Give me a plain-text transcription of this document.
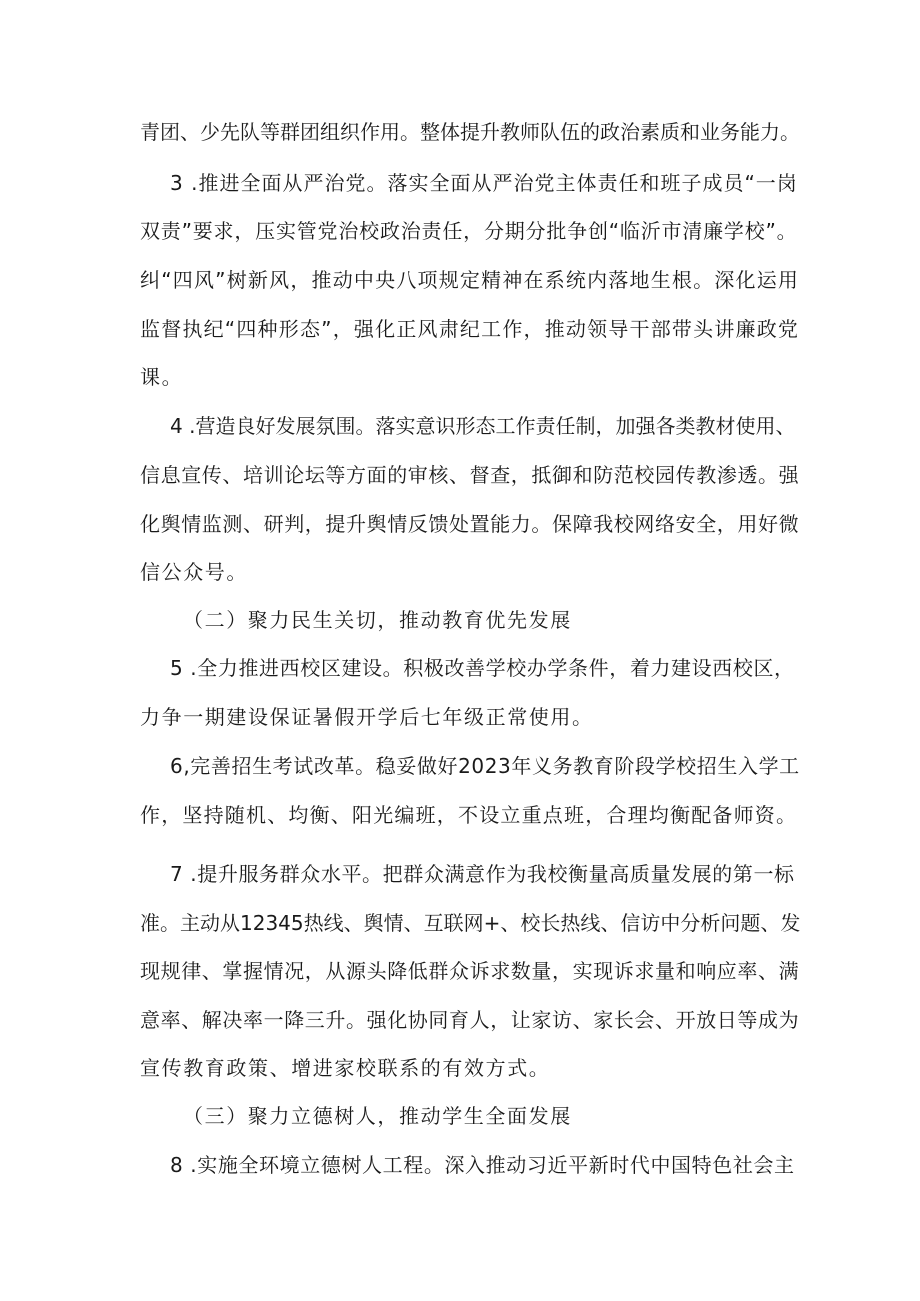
青团、少先队等群团组织作用。整体提升教师队伍的政治素质和业务能力。
3 .推进全面从严治党。落实全面从严治党主体责任和班子成员“一岗
双责”要求，压实管党治校政治责任，分期分批争创“临沂市清廉学校”。
纠“四风”树新风，推动中央八项规定精神在系统内落地生根。深化运用
监督执纪“四种形态”，强化正风肃纪工作，推动领导干部带头讲廉政党
课。
4 .营造良好发展氛围。落实意识形态工作责任制，加强各类教材使用、
信息宣传、培训论坛等方面的审核、督查，抵御和防范校园传教渗透。强
化舆情监测、研判，提升舆情反馈处置能力。保障我校网络安全，用好微
信公众号。
（二）聚力民生关切，推动教育优先发展
5 .全力推进西校区建设。积极改善学校办学条件，着力建设西校区，
力争一期建设保证暑假开学后七年级正常使用。
6,完善招生考试改革。稳妥做好2023年义务教育阶段学校招生入学工
作，坚持随机、均衡、阳光编班，不设立重点班，合理均衡配备师资。
7 .提升服务群众水平。把群众满意作为我校衡量高质量发展的第一标
准。主动从12345热线、舆情、互联网+、校长热线、信访中分析问题、发
现规律、掌握情况，从源头降低群众诉求数量，实现诉求量和响应率、满
意率、解决率一降三升。强化协同育人，让家访、家长会、开放日等成为
宣传教育政策、增进家校联系的有效方式。
（三）聚力立德树人，推动学生全面发展
8 .实施全环境立德树人工程。深入推动习近平新时代中国特色社会主
